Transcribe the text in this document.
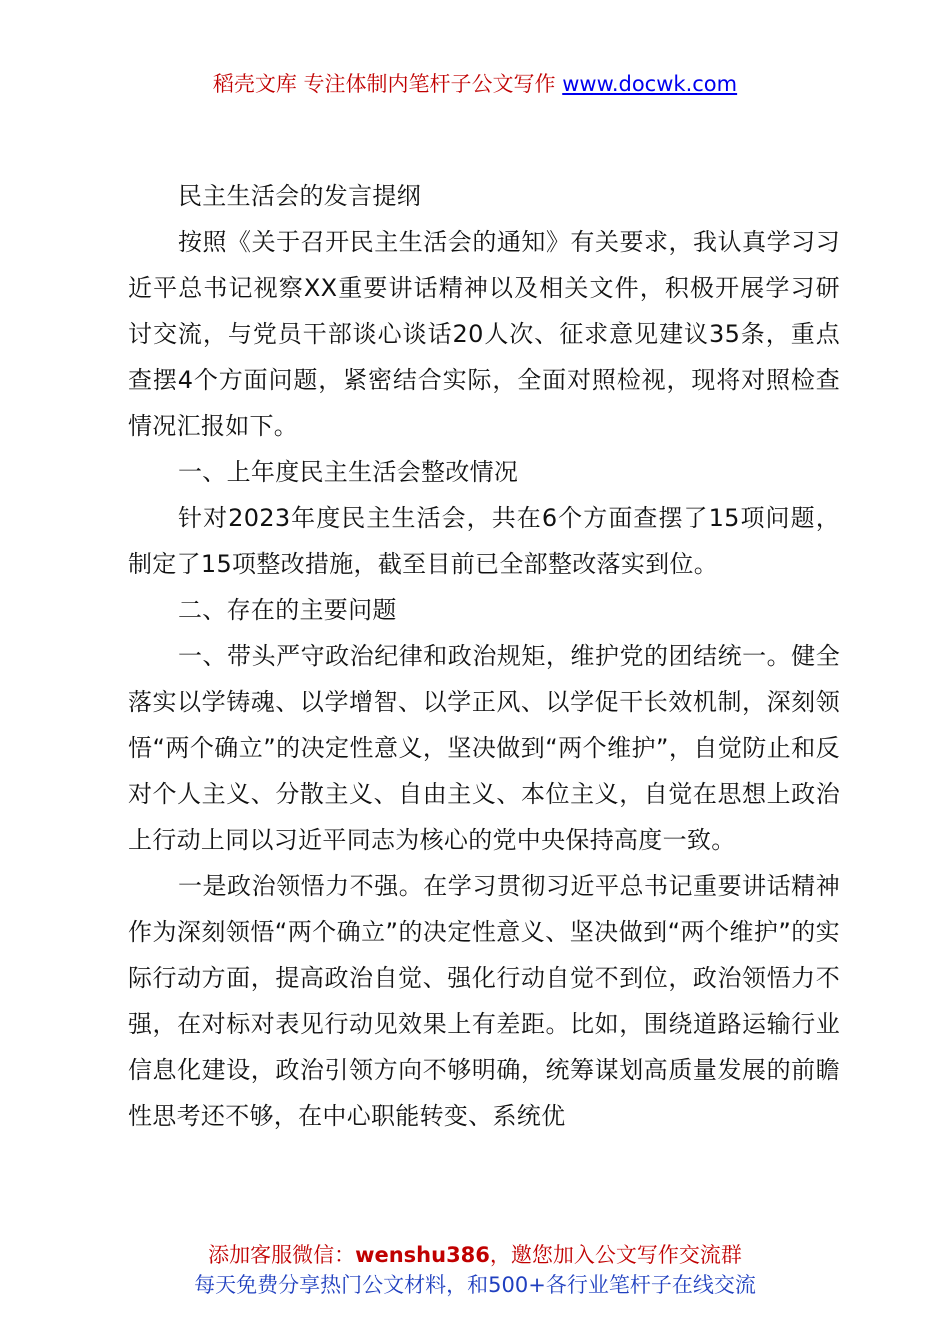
稻壳文库 专注体制内笔杆子公文写作 www.docwk.com

民主生活会的发言提纲

按照《关于召开民主生活会的通知》有关要求，我认真学习习近平总书记视察XX重要讲话精神以及相关文件，积极开展学习研讨交流，与党员干部谈心谈话20人次、征求意见建议35条，重点查摆4个方面问题，紧密结合实际，全面对照检视，现将对照检查情况汇报如下。

一、上年度民主生活会整改情况

针对2023年度民主生活会，共在6个方面查摆了15项问题，制定了15项整改措施，截至目前已全部整改落实到位。

二、存在的主要问题

一、带头严守政治纪律和政治规矩，维护党的团结统一。健全落实以学铸魂、以学增智、以学正风、以学促干长效机制，深刻领悟“两个确立”的决定性意义，坚决做到“两个维护”，自觉防止和反对个人主义、分散主义、自由主义、本位主义，自觉在思想上政治上行动上同以习近平同志为核心的党中央保持高度一致。

一是政治领悟力不强。在学习贯彻习近平总书记重要讲话精神作为深刻领悟“两个确立”的决定性意义、坚决做到“两个维护”的实际行动方面，提高政治自觉、强化行动自觉不到位，政治领悟力不强，在对标对表见行动见效果上有差距。比如，围绕道路运输行业信息化建设，政治引领方向不够明确，统筹谋划高质量发展的前瞻性思考还不够，在中心职能转变、系统优

添加客服微信：wenshu386，邀您加入公文写作交流群
每天免费分享热门公文材料，和500+各行业笔杆子在线交流
